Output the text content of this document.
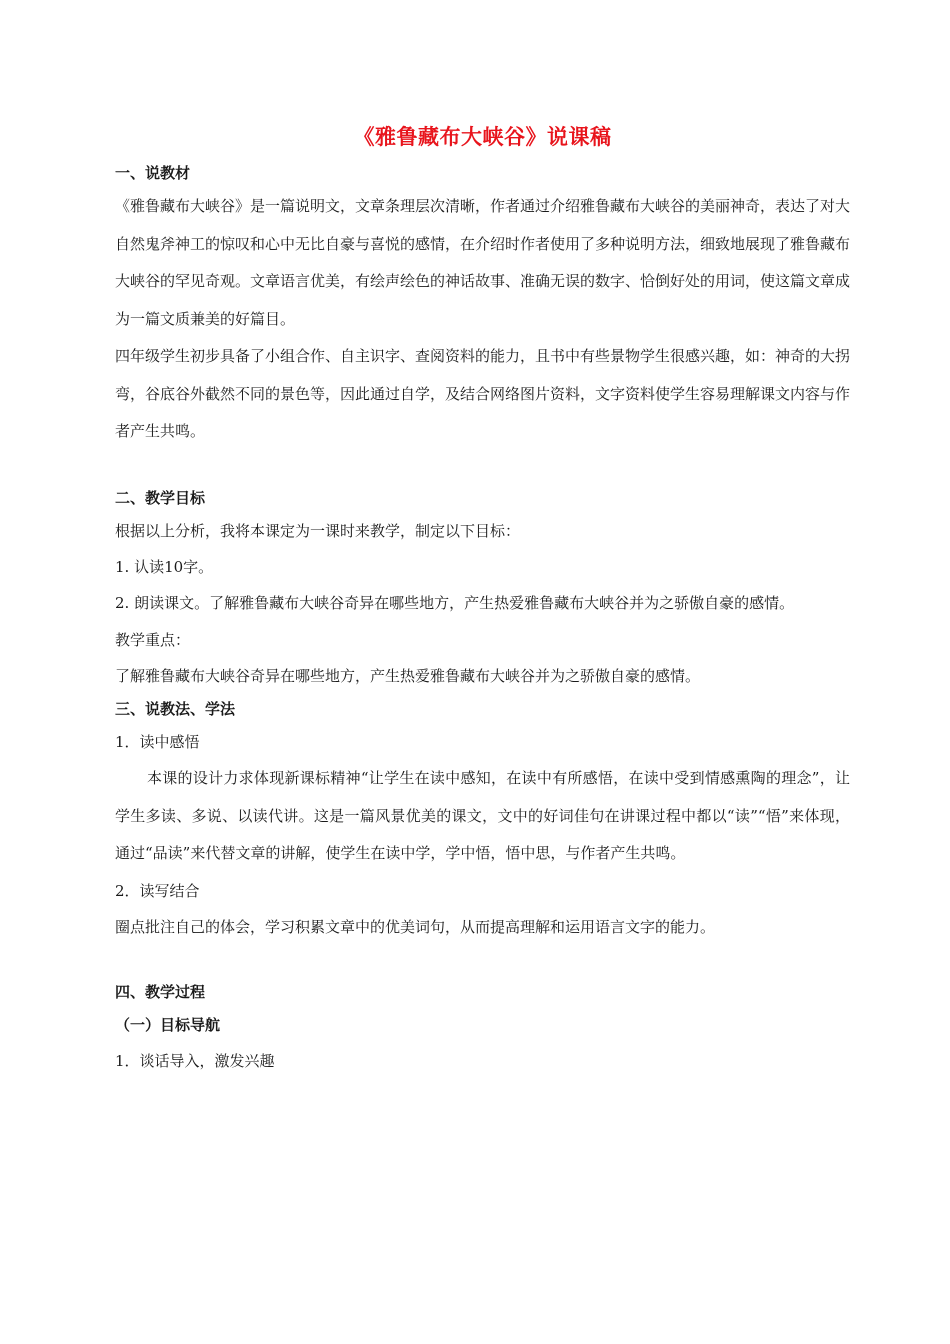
《雅鲁藏布大峡谷》说课稿
一、说教材

《雅鲁藏布大峡谷》是一篇说明文，文章条理层次清晰，作者通过介绍雅鲁藏布大峡谷的美丽神奇，表达了对大自然鬼斧神工的惊叹和心中无比自豪与喜悦的感情，在介绍时作者使用了多种说明方法，细致地展现了雅鲁藏布大峡谷的罕见奇观。文章语言优美，有绘声绘色的神话故事、准确无误的数字、恰倒好处的用词，使这篇文章成为一篇文质兼美的好篇目。

四年级学生初步具备了小组合作、自主识字、查阅资料的能力，且书中有些景物学生很感兴趣，如：神奇的大拐弯，谷底谷外截然不同的景色等，因此通过自学，及结合网络图片资料，文字资料使学生容易理解课文内容与作者产生共鸣。

二、教学目标

根据以上分析，我将本课定为一课时来教学，制定以下目标：

1. 认读10字。

2. 朗读课文。了解雅鲁藏布大峡谷奇异在哪些地方，产生热爱雅鲁藏布大峡谷并为之骄傲自豪的感情。

教学重点：

了解雅鲁藏布大峡谷奇异在哪些地方，产生热爱雅鲁藏布大峡谷并为之骄傲自豪的感情。

三、说教法、学法

1．读中感悟

本课的设计力求体现新课标精神“让学生在读中感知，在读中有所感悟，在读中受到情感熏陶的理念”，让学生多读、多说、以读代讲。这是一篇风景优美的课文，文中的好词佳句在讲课过程中都以“读”“悟”来体现，通过“品读”来代替文章的讲解，使学生在读中学，学中悟，悟中思，与作者产生共鸣。

2．读写结合

圈点批注自己的体会，学习积累文章中的优美词句，从而提高理解和运用语言文字的能力。

四、教学过程
（一）目标导航

1．谈话导入，激发兴趣
